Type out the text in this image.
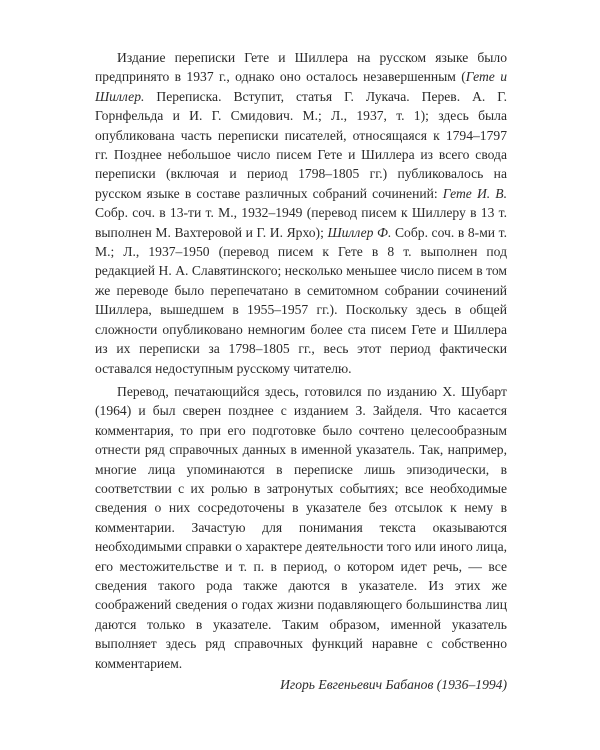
Издание переписки Гете и Шиллера на русском языке было предпринято в 1937 г., однако оно осталось незавершенным (Гете и Шиллер. Переписка. Вступит, статья Г. Лукача. Перев. А. Г. Горнфельда и И. Г. Смидович. М.; Л., 1937, т. 1); здесь была опубликована часть переписки писателей, относящаяся к 1794–1797 гг. Позднее небольшое число писем Гете и Шиллера из всего свода переписки (включая и период 1798–1805 гг.) публиковалось на русском языке в составе различных собраний сочинений: Гете И. В. Собр. соч. в 13-ти т. М., 1932–1949 (перевод писем к Шиллеру в 13 т. выполнен М. Вахтеровой и Г. И. Ярхо); Шиллер Ф. Собр. соч. в 8-ми т. М.; Л., 1937–1950 (перевод писем к Гете в 8 т. выполнен под редакцией Н. А. Славятинского; несколько меньшее число писем в том же переводе было перепечатано в семитомном собрании сочинений Шиллера, вышедшем в 1955–1957 гг.). Поскольку здесь в общей сложности опубликовано немногим более ста писем Гете и Шиллера из их переписки за 1798–1805 гг., весь этот период фактически оставался недоступным русскому читателю.

Перевод, печатающийся здесь, готовился по изданию Х. Шубарт (1964) и был сверен позднее с изданием З. Зайделя. Что касается комментария, то при его подготовке было сочтено целесообразным отнести ряд справочных данных в именной указатель. Так, например, многие лица упоминаются в переписке лишь эпизодически, в соответствии с их ролью в затронутых событиях; все необходимые сведения о них сосредоточены в указателе без отсылок к нему в комментарии. Зачастую для понимания текста оказываются необходимыми справки о характере деятельности того или иного лица, его местожительстве и т. п. в период, о котором идет речь, — все сведения такого рода также даются в указателе. Из этих же соображений сведения о годах жизни подавляющего большинства лиц даются только в указателе. Таким образом, именной указатель выполняет здесь ряд справочных функций наравне с собственно комментарием.

Игорь Евгеньевич Бабанов (1936–1994)
